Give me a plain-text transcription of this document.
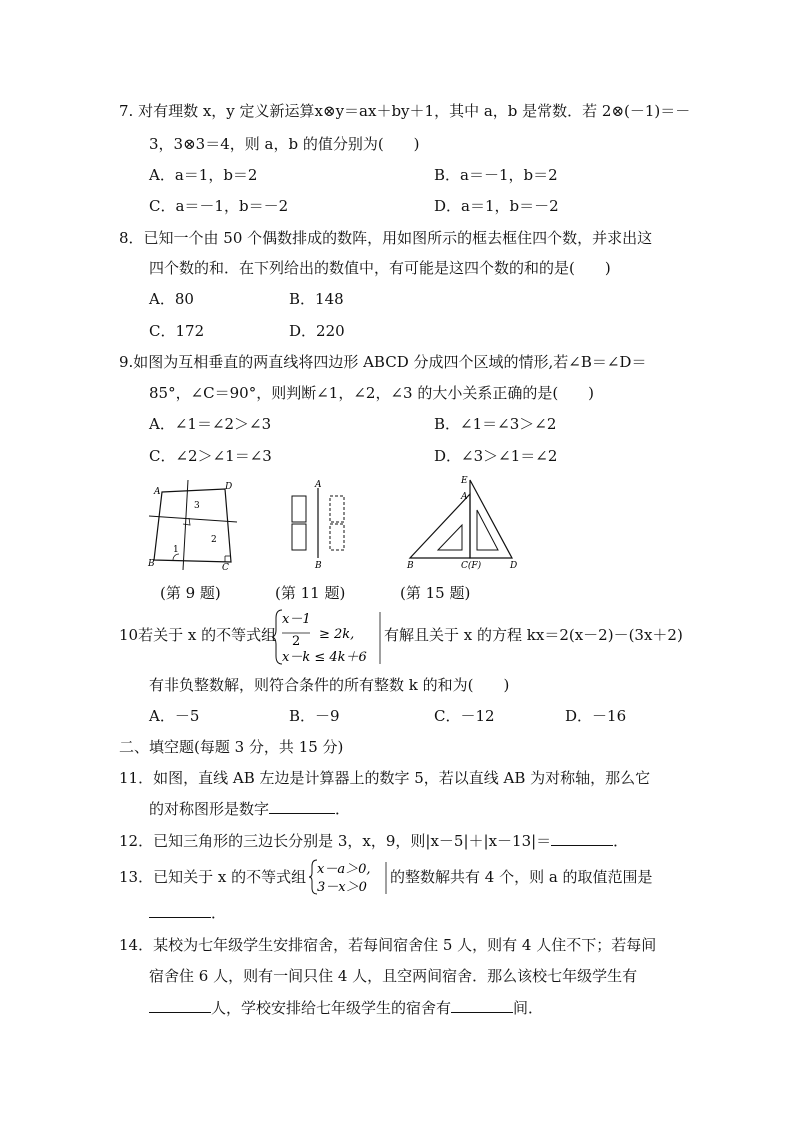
7. 对有理数 x，y 定义新运算x⊗y＝ax＋by＋1，其中 a，b 是常数．若 2⊗(－1)＝－
3，3⊗3＝4，则 a，b 的值分别为(　　)
A．a＝1，b＝2	B．a＝－1，b＝2
C．a＝－1，b＝－2	D．a＝1，b＝－2
8．已知一个由 50 个偶数排成的数阵，用如图所示的框去框住四个数，并求出这
四个数的和．在下列给出的数值中，有可能是这四个数的和的是(　　)
A．80	B．148
C．172	D．220
9.如图为互相垂直的两直线将四边形 ABCD 分成四个区域的情形,若∠B＝∠D＝
85°，∠C＝90°，则判断∠1，∠2，∠3 的大小关系正确的是(　　)
A．∠1＝∠2＞∠3	B．∠1＝∠3＞∠2
C．∠2＞∠1＝∠3	D．∠3＞∠1＝∠2
A	D
3
2
1
B	C
A
B
E
A
B	C(F)	D
(第 9 题)	(第 11 题)	(第 15 题)
10若关于 x 的不等式组
x－1
2 ≥ 2k,
x－k ≤ 4k＋6
有解且关于 x 的方程 kx＝2(x－2)－(3x＋2)
有非负整数解，则符合条件的所有整数 k 的和为(　　)
A．－5	B．－9	C．－12	D．－16
二、填空题(每题 3 分，共 15 分)
11．如图，直线 AB 左边是计算器上的数字 5，若以直线 AB 为对称轴，那么它
的对称图形是数字	．
12．已知三角形的三边长分别是 3，x，9，则|x－5|＋|x－13|＝	．
13．已知关于 x 的不等式组 x－a＞0,
3－x＞0
的整数解共有 4 个，则 a 的取值范围是
．
14．某校为七年级学生安排宿舍，若每间宿舍住 5 人，则有 4 人住不下；若每间
宿舍住 6 人，则有一间只住 4 人，且空两间宿舍．那么该校七年级学生有
人，学校安排给七年级学生的宿舍有	间．
